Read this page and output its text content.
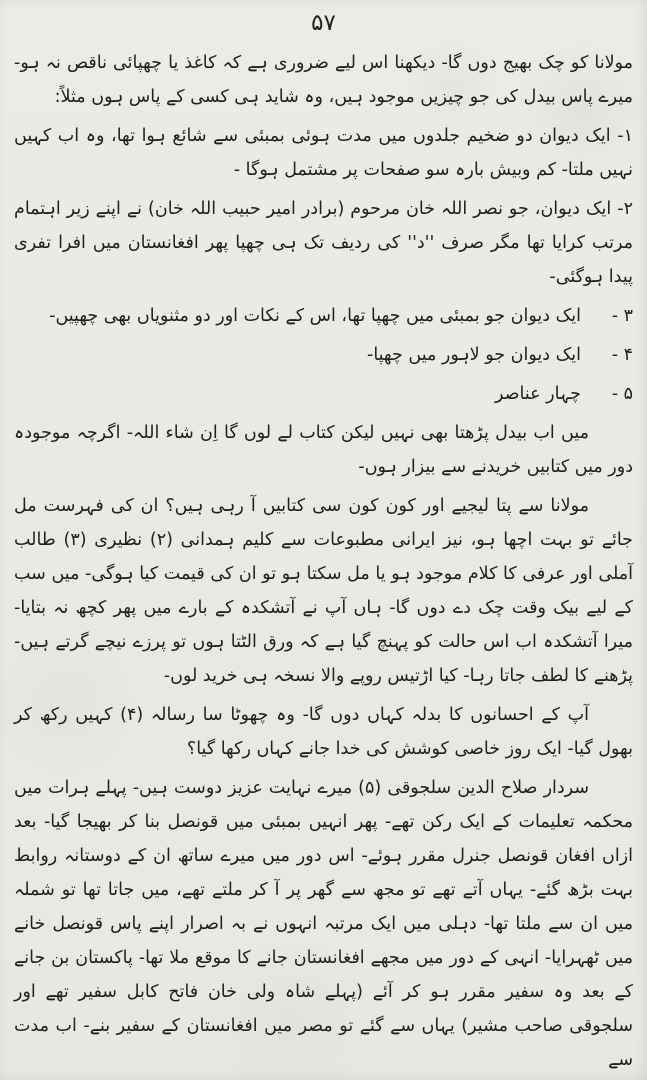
۵۷
مولانا کو چک بھیج دوں گا- دیکھنا اس لیے ضروری ہے کہ کاغذ یا چھپائی ناقص نہ ہو- میرے پاس بیدل کی جو چیزیں موجود ہیں، وہ شاید ہی کسی کے پاس ہوں مثلاً:
۱- ایک دیوان دو ضخیم جلدوں میں مدت ہوئی بمبئی سے شائع ہوا تھا، وہ اب کہیں نہیں ملتا- کم وبیش بارہ سو صفحات پر مشتمل ہوگا -
۲- ایک دیوان، جو نصر اللہ خان مرحوم (برادر امیر حبیب اللہ خان) نے اپنے زیر اہتمام مرتب کرایا تھا مگر صرف ''د'' کی ردیف تک ہی چھپا پھر افغانستان میں افرا تفری پیدا ہوگئی-
۳ -
ایک دیوان جو بمبئی میں چھپا تھا، اس کے نکات اور دو مثنویاں بھی چھپیں-
۴ -
ایک دیوان جو لاہور میں چھپا-
۵ -
چہار عناصر
میں اب بیدل پڑھتا بھی نہیں لیکن کتاب لے لوں گا اِن شاء اللہ- اگرچہ موجودہ دور میں کتابیں خریدنے سے بیزار ہوں-
مولانا سے پتا لیجیے اور کون کون سی کتابیں آ رہی ہیں؟ ان کی فہرست مل جائے تو بہت اچھا ہو، نیز ایرانی مطبوعات سے کلیم ہمدانی (۲) نظیری (۳) طالب آملی اور عرفی کا کلام موجود ہو یا مل سکتا ہو تو ان کی قیمت کیا ہوگی- میں سب کے لیے بیک وقت چک دے دوں گا- ہاں آپ نے آتشکدہ کے بارے میں پھر کچھ نہ بتایا- میرا آتشکدہ اب اس حالت کو پہنچ گیا ہے کہ ورق الٹتا ہوں تو پرزے نیچے گرتے ہیں- پڑھنے کا لطف جاتا رہا- کیا اڑتیس روپے والا نسخہ ہی خرید لوں-
آپ کے احسانوں کا بدلہ کہاں دوں گا- وہ چھوٹا سا رسالہ (۴) کہیں رکھ کر بھول گیا- ایک روز خاصی کوشش کی خدا جانے کہاں رکھا گیا؟
سردار صلاح الدین سلجوقی (۵) میرے نہایت عزیز دوست ہیں- پہلے ہرات میں محکمہ تعلیمات کے ایک رکن تھے- پھر انہیں بمبئی میں قونصل بنا کر بھیجا گیا- بعد ازاں افغان قونصل جنرل مقرر ہوئے- اس دور میں میرے ساتھ ان کے دوستانہ روابط بہت بڑھ گئے- یہاں آتے تھے تو مجھ سے گھر پر آ کر ملتے تھے، میں جاتا تھا تو شملہ میں ان سے ملتا تھا- دہلی میں ایک مرتبہ انہوں نے بہ اصرار اپنے پاس قونصل خانے میں ٹھہرایا- انہی کے دور میں مجھے افغانستان جانے کا موقع ملا تھا- پاکستان بن جانے کے بعد وہ سفیر مقرر ہو کر آئے (پہلے شاہ ولی خان فاتح کابل سفیر تھے اور سلجوقی صاحب مشیر) یہاں سے گئے تو مصر میں افغانستان کے سفیر بنے- اب مدت سے
